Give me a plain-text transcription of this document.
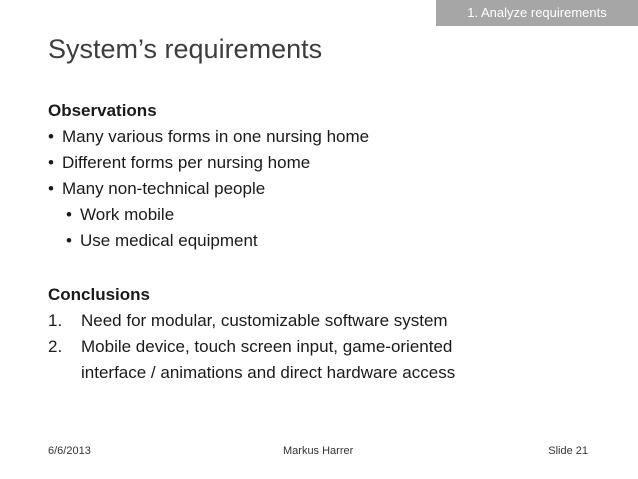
1. Analyze requirements
System’s requirements
Observations
• Many various forms in one nursing home
• Different forms per nursing home
• Many non-technical people
• Work mobile
• Use medical equipment
Conclusions
1. Need for modular, customizable software system
2. Mobile device, touch screen input, game-oriented
interface / animations and direct hardware access
6/6/2013	Markus Harrer	Slide 21
